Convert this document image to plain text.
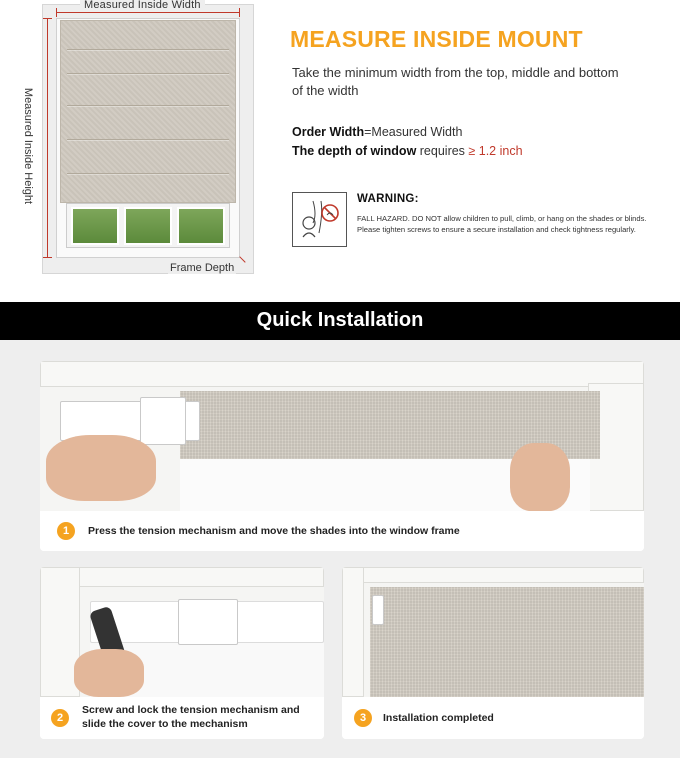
Measured Inside Width
Measured Inside Height
Frame Depth
MEASURE INSIDE MOUNT
Take the minimum width from the top, middle and bottom of the width
Order Width=Measured Width
The depth of window requires ≥ 1.2 inch
WARNING:
FALL HAZARD. DO NOT allow children to pull, climb, or hang on the shades or blinds. Please tighten screws to ensure a secure installation and check tightness regularly.
Quick Installation
1	Press the tension mechanism and move the shades into the window frame
2
Screw and lock the tension mechanism and slide the cover to the mechanism	3	Installation completed
